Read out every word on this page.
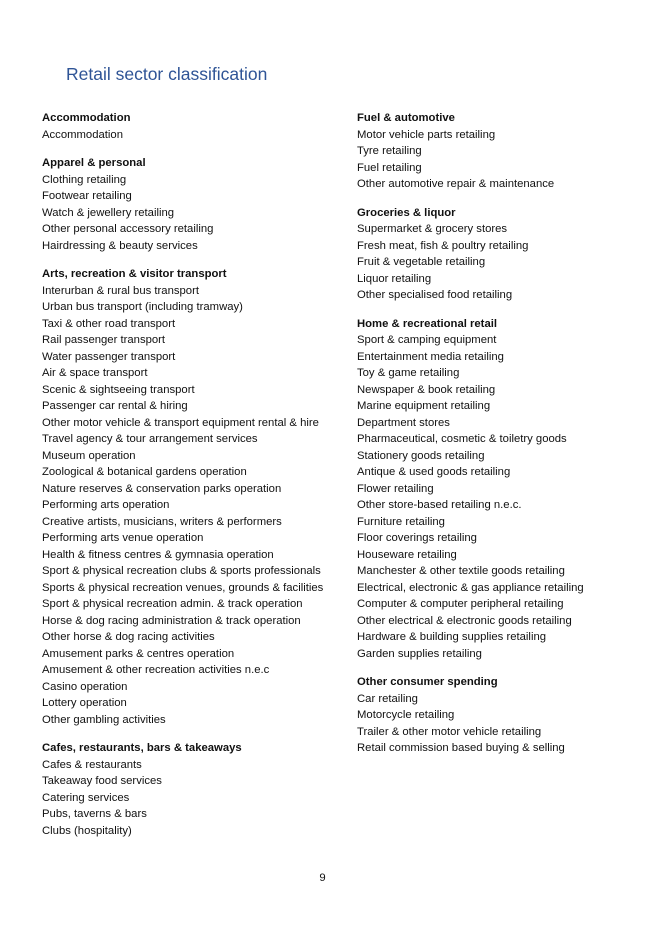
Retail sector classification
Accommodation
Accommodation
Apparel & personal
Clothing retailing
Footwear retailing
Watch & jewellery retailing
Other personal accessory retailing
Hairdressing & beauty services
Arts, recreation & visitor transport
Interurban & rural bus transport
Urban bus transport (including tramway)
Taxi & other road transport
Rail passenger transport
Water passenger transport
Air & space transport
Scenic & sightseeing transport
Passenger car rental & hiring
Other motor vehicle & transport equipment rental & hire
Travel agency & tour arrangement services
Museum operation
Zoological & botanical gardens operation
Nature reserves & conservation parks operation
Performing arts operation
Creative artists, musicians, writers & performers
Performing arts venue operation
Health & fitness centres & gymnasia operation
Sport & physical recreation clubs & sports professionals
Sports & physical recreation venues, grounds & facilities
Sport & physical recreation admin. & track operation
Horse & dog racing administration & track operation
Other horse & dog racing activities
Amusement parks & centres operation
Amusement & other recreation activities n.e.c
Casino operation
Lottery operation
Other gambling activities
Cafes, restaurants, bars & takeaways
Cafes & restaurants
Takeaway food services
Catering services
Pubs, taverns & bars
Clubs (hospitality)
Fuel & automotive
Motor vehicle parts retailing
Tyre retailing
Fuel retailing
Other automotive repair & maintenance
Groceries & liquor
Supermarket & grocery stores
Fresh meat, fish & poultry retailing
Fruit & vegetable retailing
Liquor retailing
Other specialised food retailing
Home & recreational retail
Sport & camping equipment
Entertainment media retailing
Toy & game retailing
Newspaper & book retailing
Marine equipment retailing
Department stores
Pharmaceutical, cosmetic & toiletry goods
Stationery goods retailing
Antique & used goods retailing
Flower retailing
Other store-based retailing n.e.c.
Furniture retailing
Floor coverings retailing
Houseware retailing
Manchester & other textile goods retailing
Electrical, electronic & gas appliance retailing
Computer & computer peripheral retailing
Other electrical & electronic goods retailing
Hardware & building supplies retailing
Garden supplies retailing
Other consumer spending
Car retailing
Motorcycle retailing
Trailer & other motor vehicle retailing
Retail commission based buying & selling
9
